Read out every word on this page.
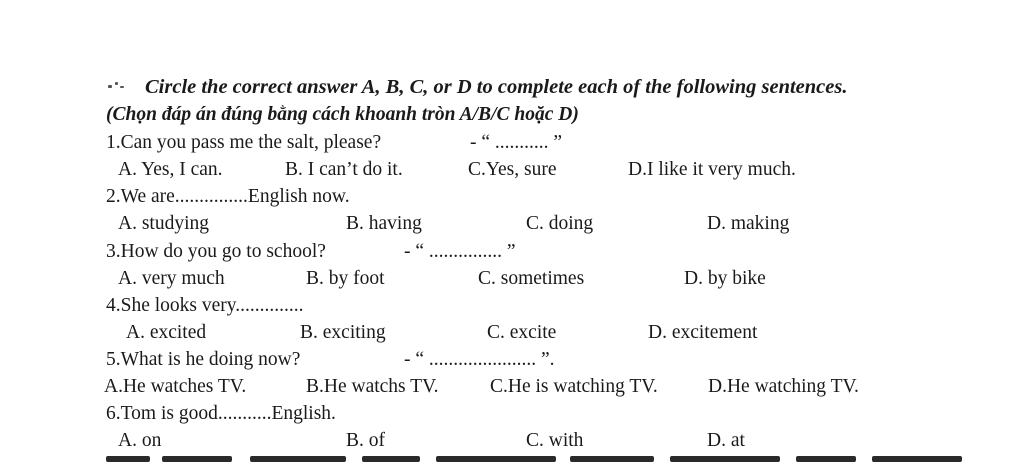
Circle the correct answer A, B, C, or D to complete each of the following sentences.
(Chọn đáp án đúng bằng cách khoanh tròn A/B/C hoặc D)
1.Can you pass me the salt, please?	- “ ........... ”
A. Yes, I can.	B. I can’t do it.	C.Yes, sure	D.I like it very much.
2.We are...............English now.
A. studying	B. having	C. doing	D. making
3.How do you go to school?	- “ ............... ”
A. very much	B. by foot	C. sometimes	D. by bike
4.She looks very..............
A. excited	B. exciting	C. excite	D. excitement
5.What is he doing now?	- “ ...................... ”.
A.He watches TV.	B.He watchs TV.	C.He is watching TV.	D.He watching TV.
6.Tom is good...........English.
A. on	B. of	C. with	D. at
